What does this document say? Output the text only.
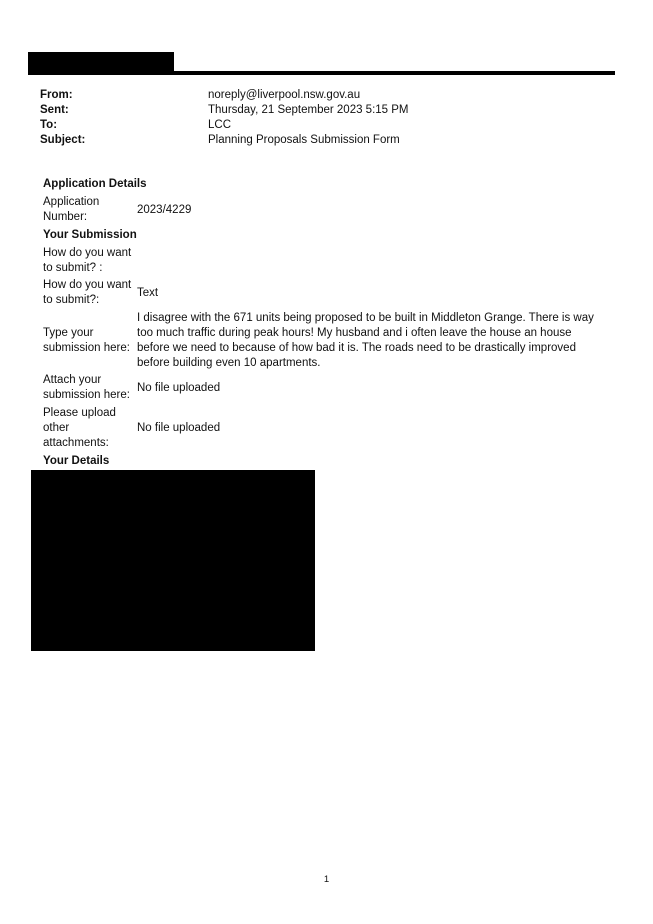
From:	noreply@liverpool.nsw.gov.au
Sent:	Thursday, 21 September 2023 5:15 PM
To:	LCC
Subject:	Planning Proposals Submission Form
Application Details
Application Number:
2023/4229
Your Submission
How do you want to submit? :
How do you want to submit?:
Text
Type your submission here:
I disagree with the 671 units being proposed to be built in Middleton Grange. There is way too much traffic during peak hours! My husband and i often leave the house an house before we need to because of how bad it is. The roads need to be drastically improved before building even 10 apartments.
Attach your submission here:
No file uploaded
Please upload other attachments:
No file uploaded
Your Details
1
